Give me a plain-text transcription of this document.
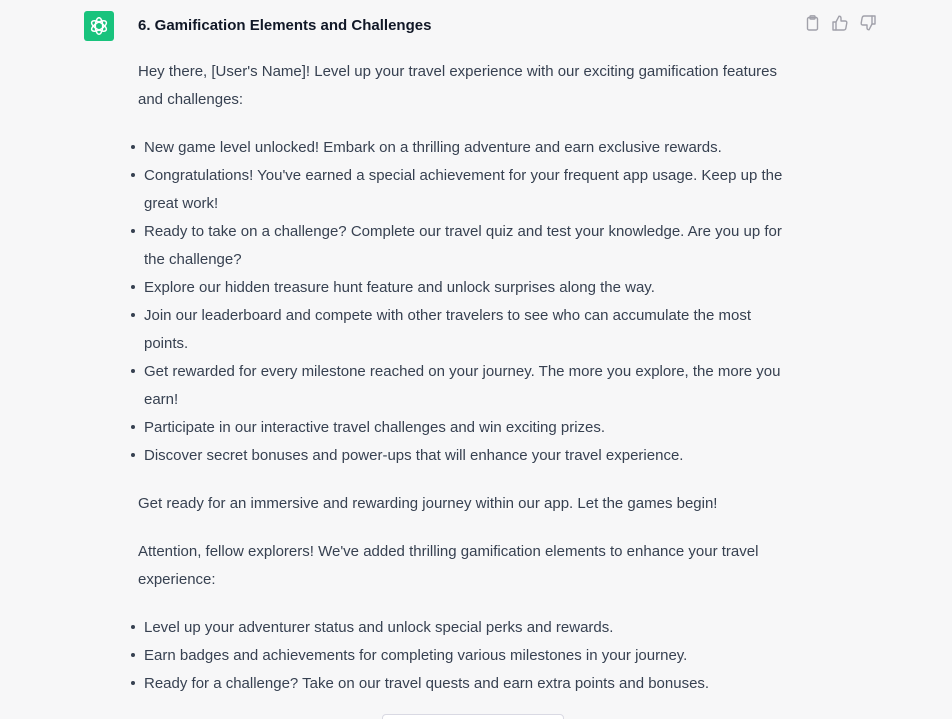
6. Gamification Elements and Challenges

Hey there, [User's Name]! Level up your travel experience with our exciting gamification features and challenges:

New game level unlocked! Embark on a thrilling adventure and earn exclusive rewards.
Congratulations! You've earned a special achievement for your frequent app usage. Keep up the great work!
Ready to take on a challenge? Complete our travel quiz and test your knowledge. Are you up for the challenge?
Explore our hidden treasure hunt feature and unlock surprises along the way.
Join our leaderboard and compete with other travelers to see who can accumulate the most points.
Get rewarded for every milestone reached on your journey. The more you explore, the more you earn!
Participate in our interactive travel challenges and win exciting prizes.
Discover secret bonuses and power-ups that will enhance your travel experience.

Get ready for an immersive and rewarding journey within our app. Let the games begin!

Attention, fellow explorers! We've added thrilling gamification elements to enhance your travel experience:

Level up your adventurer status and unlock special perks and rewards.
Earn badges and achievements for completing various milestones in your journey.
Ready for a challenge? Take on our travel quests and earn extra points and bonuses.
